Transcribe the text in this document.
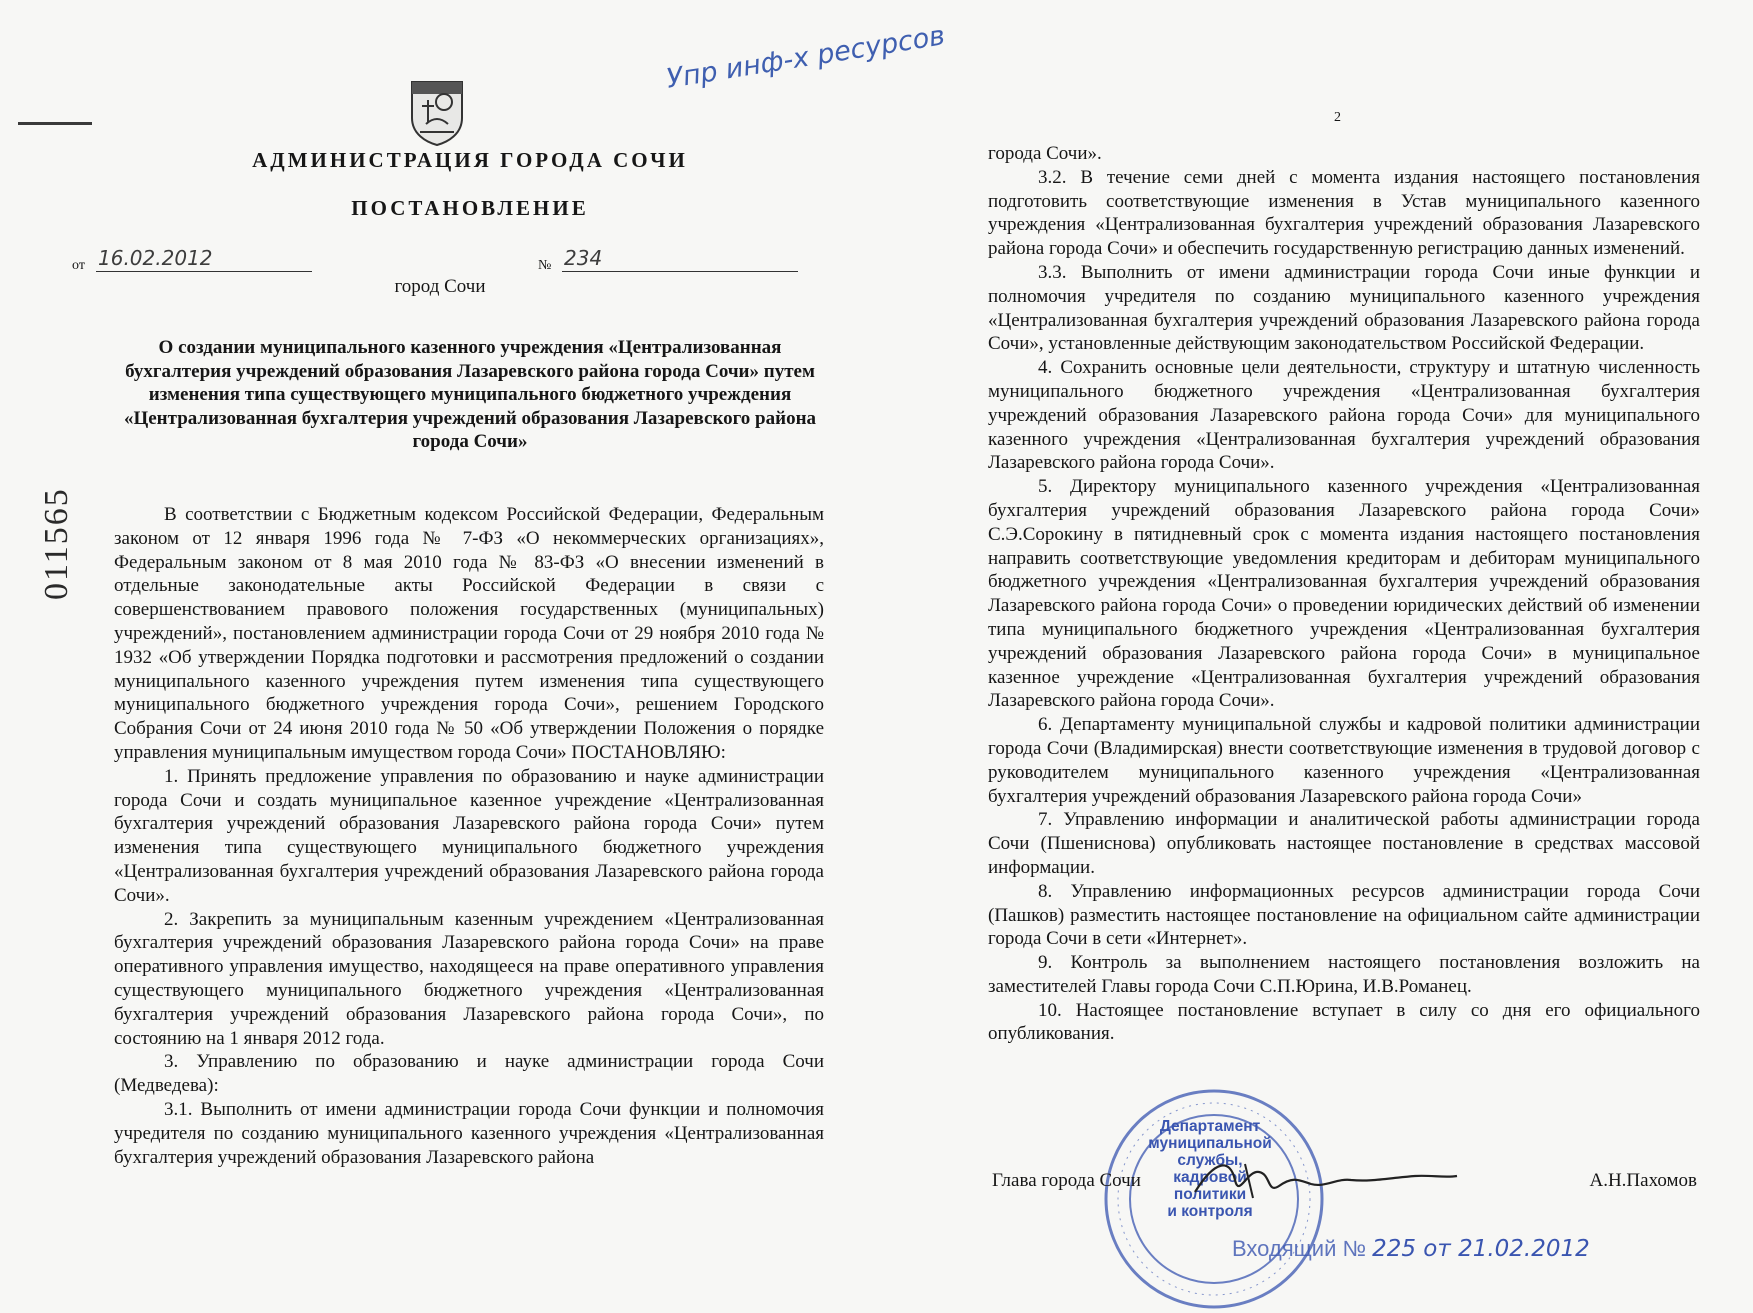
011565
Упр инф-х ресурсов
АДМИНИСТРАЦИЯ ГОРОДА СОЧИ
ПОСТАНОВЛЕНИЕ
от 16.02.2012	№ 234
город Сочи
О создании муниципального казенного учреждения «Централизованная бухгалтерия учреждений образования Лазаревского района города Сочи» путем изменения типа существующего муниципального бюджетного учреждения «Централизованная бухгалтерия учреждений образования Лазаревского района города Сочи»

В соответствии с Бюджетным кодексом Российской Федерации, Федеральным законом от 12 января 1996 года № 7-ФЗ «О некоммерческих организациях», Федеральным законом от 8 мая 2010 года № 83-ФЗ «О внесении изменений в отдельные законодательные акты Российской Федерации в связи с совершенствованием правового положения государственных (муниципальных) учреждений», постановлением администрации города Сочи от 29 ноября 2010 года № 1932 «Об утверждении Порядка подготовки и рассмотрения предложений о создании муниципального казенного учреждения путем изменения типа существующего муниципального бюджетного учреждения города Сочи», решением Городского Собрания Сочи от 24 июня 2010 года № 50 «Об утверждении Положения о порядке управления муниципальным имуществом города Сочи» ПОСТАНОВЛЯЮ:

1. Принять предложение управления по образованию и науке администрации города Сочи и создать муниципальное казенное учреждение «Централизованная бухгалтерия учреждений образования Лазаревского района города Сочи» путем изменения типа существующего муниципального бюджетного учреждения «Централизованная бухгалтерия учреждений образования Лазаревского района города Сочи».

2. Закрепить за муниципальным казенным учреждением «Централизованная бухгалтерия учреждений образования Лазаревского района города Сочи» на праве оперативного управления имущество, находящееся на праве оперативного управления существующего муниципального бюджетного учреждения «Централизованная бухгалтерия учреждений образования Лазаревского района города Сочи», по состоянию на 1 января 2012 года.

3. Управлению по образованию и науке администрации города Сочи (Медведева):

3.1. Выполнить от имени администрации города Сочи функции и полномочия учредителя по созданию муниципального казенного учреждения «Централизованная бухгалтерия учреждений образования Лазаревского района

2

города Сочи».

3.2. В течение семи дней с момента издания настоящего постановления подготовить соответствующие изменения в Устав муниципального казенного учреждения «Централизованная бухгалтерия учреждений образования Лазаревского района города Сочи» и обеспечить государственную регистрацию данных изменений.

3.3. Выполнить от имени администрации города Сочи иные функции и полномочия учредителя по созданию муниципального казенного учреждения «Централизованная бухгалтерия учреждений образования Лазаревского района города Сочи», установленные действующим законодательством Российской Федерации.

4. Сохранить основные цели деятельности, структуру и штатную численность муниципального бюджетного учреждения «Централизованная бухгалтерия учреждений образования Лазаревского района города Сочи» для муниципального казенного учреждения «Централизованная бухгалтерия учреждений образования Лазаревского района города Сочи».

5. Директору муниципального казенного учреждения «Централизованная бухгалтерия учреждений образования Лазаревского района города Сочи» С.Э.Сорокину в пятидневный срок с момента издания настоящего постановления направить соответствующие уведомления кредиторам и дебиторам муниципального бюджетного учреждения «Централизованная бухгалтерия учреждений образования Лазаревского района города Сочи» о проведении юридических действий об изменении типа муниципального бюджетного учреждения «Централизованная бухгалтерия учреждений образования Лазаревского района города Сочи» в муниципальное казенное учреждение «Централизованная бухгалтерия учреждений образования Лазаревского района города Сочи».

6. Департаменту муниципальной службы и кадровой политики администрации города Сочи (Владимирская) внести соответствующие изменения в трудовой договор с руководителем муниципального казенного учреждения «Централизованная бухгалтерия учреждений образования Лазаревского района города Сочи»

7. Управлению информации и аналитической работы администрации города Сочи (Пшениснова) опубликовать настоящее постановление в средствах массовой информации.

8. Управлению информационных ресурсов администрации города Сочи (Пашков) разместить настоящее постановление на официальном сайте администрации города Сочи в сети «Интернет».

9. Контроль за выполнением настоящего постановления возложить на заместителей Главы города Сочи С.П.Юрина, И.В.Романец.

10. Настоящее постановление вступает в силу со дня его официального опубликования.

Департамент
муниципальной
службы,
кадровой политики
и контроля
Глава города Сочи	А.Н.Пахомов
Входящий № 225 от 21.02.2012
